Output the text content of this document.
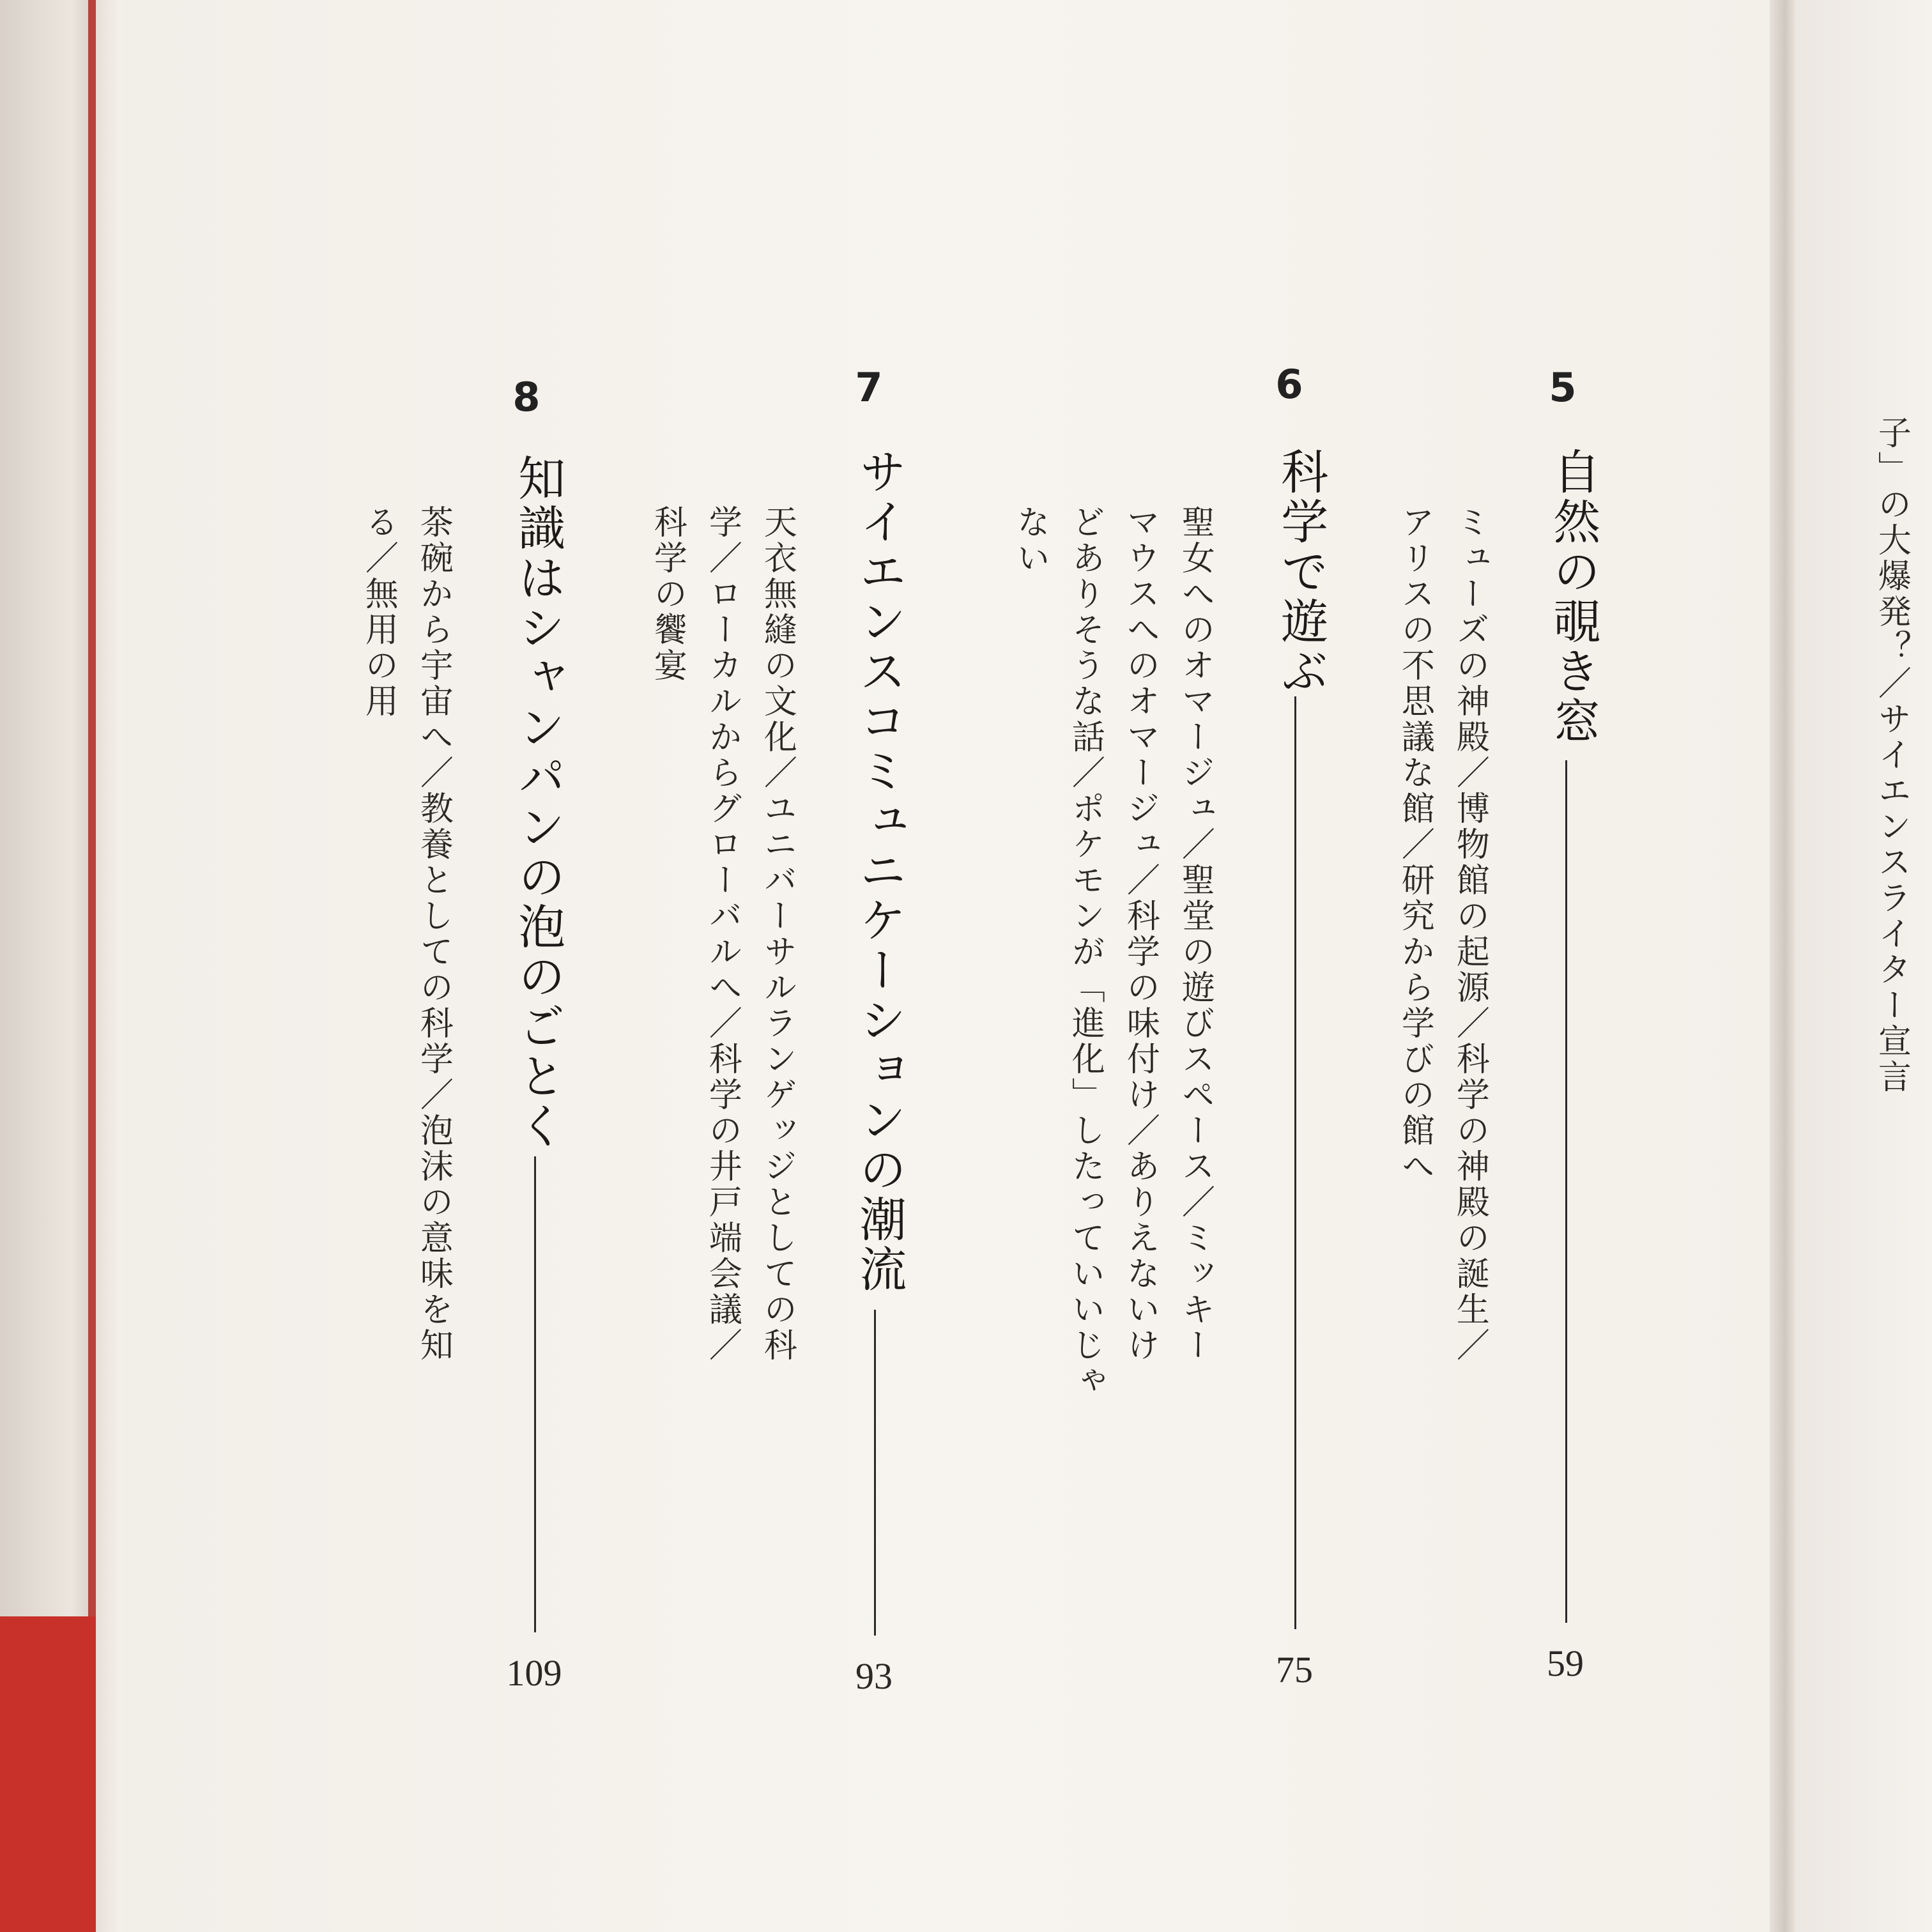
子」の大爆発？／サイエンスライター宣言
5
自然の覗き窓
ミューズの神殿／博物館の起源／科学の神殿の誕生／
アリスの不思議な館／研究から学びの館へ
59
6
科学で遊ぶ
聖女へのオマージュ／聖堂の遊びスペース／ミッキー
マウスへのオマージュ／科学の味付け／ありえないけ
どありそうな話／ポケモンが「進化」したっていいじゃ
ない
75
7
サイエンスコミュニケーションの潮流
天衣無縫の文化／ユニバーサルランゲッジとしての科
学／ローカルからグローバルへ／科学の井戸端会議／
科学の饗宴
93
8
知識はシャンパンの泡のごとく
茶碗から宇宙へ／教養としての科学／泡沫の意味を知
る／無用の用
109
